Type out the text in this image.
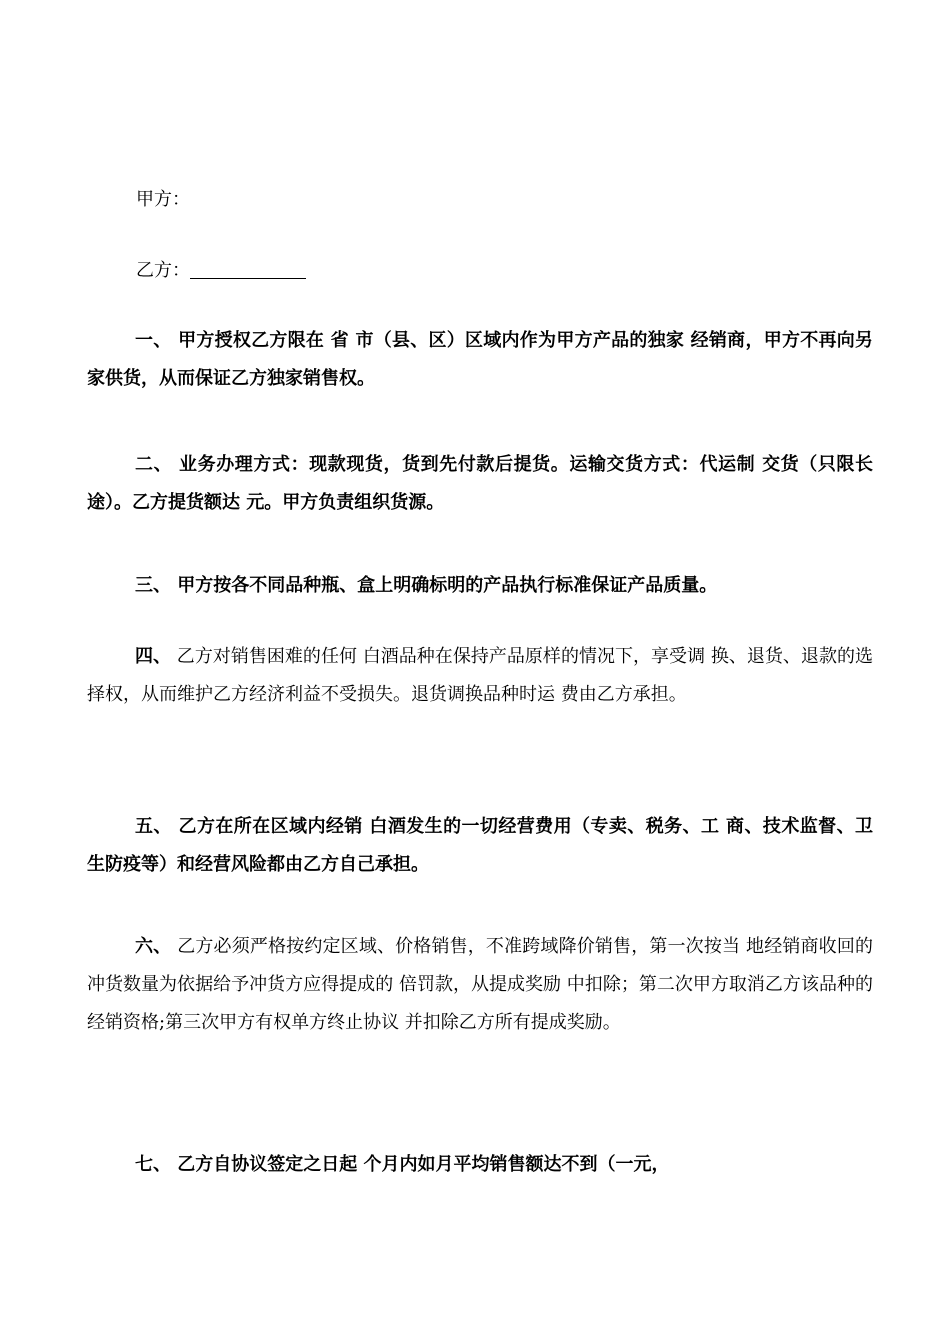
甲方：
乙方：

一、 甲方授权乙方限在 省 市（县、区）区域内作为甲方产品的独家 经销商，甲方不再向另家供货，从而保证乙方独家销售权。

二、 业务办理方式：现款现货，货到先付款后提货。运输交货方式：代运制 交货（只限长途）。乙方提货额达 元。甲方负责组织货源。

三、 甲方按各不同品种瓶、盒上明确标明的产品执行标准保证产品质量。

四、 乙方对销售困难的任何 白酒品种在保持产品原样的情况下，享受调 换、退货、退款的选择权，从而维护乙方经济利益不受损失。退货调换品种时运 费由乙方承担。

五、 乙方在所在区域内经销 白酒发生的一切经营费用（专卖、税务、工 商、技术监督、卫生防疫等）和经营风险都由乙方自己承担。

六、 乙方必须严格按约定区域、价格销售，不准跨域降价销售，第一次按当 地经销商收回的冲货数量为依据给予冲货方应得提成的 倍罚款，从提成奖励 中扣除；第二次甲方取消乙方该品种的经销资格;第三次甲方有权单方终止协议 并扣除乙方所有提成奖励。

七、 乙方自协议签定之日起 个月内如月平均销售额达不到（一元，
